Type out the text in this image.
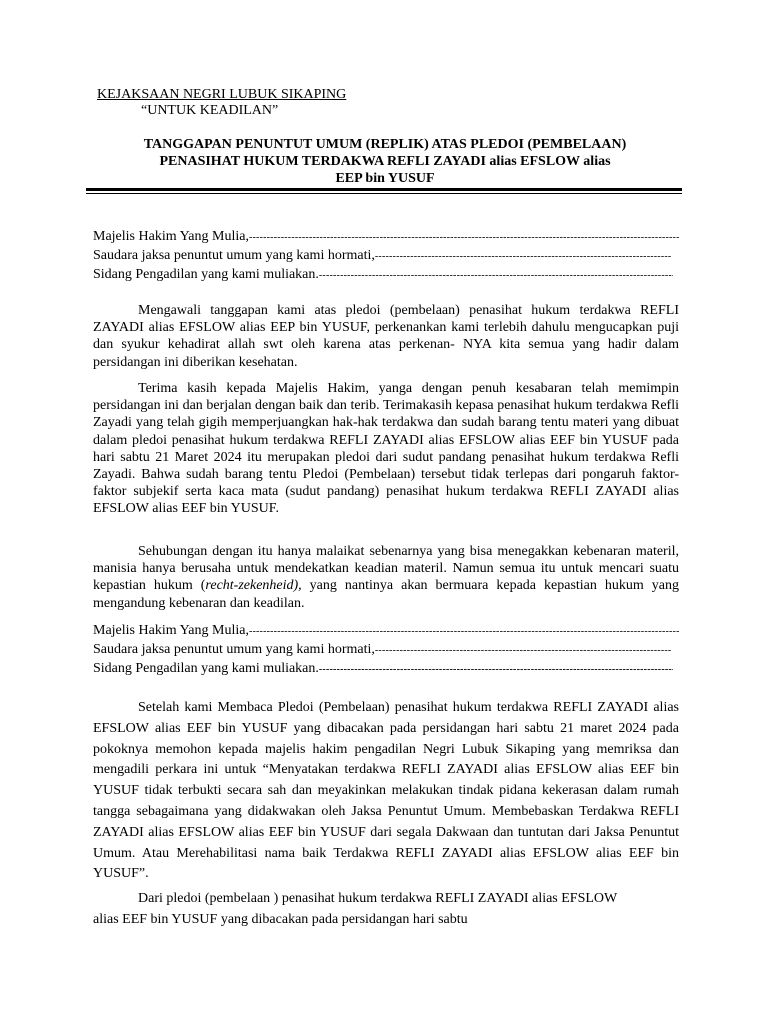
KEJAKSAAN NEGRI LUBUK SIKAPING
“UNTUK KEADILAN”
TANGGAPAN PENUNTUT UMUM (REPLIK) ATAS PLEDOI (PEMBELAAN)
PENASIHAT HUKUM TERDAKWA REFLI ZAYADI alias EFSLOW alias
EEP bin YUSUF
Majelis Hakim Yang Mulia,
-----
Saudara jaksa penuntut umum yang kami hormati,
-----
Sidang Pengadilan yang kami muliakan.
-----

Mengawali tanggapan kami atas pledoi (pembelaan) penasihat hukum terdakwa REFLI ZAYADI alias EFSLOW alias EEP bin YUSUF, perkenankan kami terlebih dahulu mengucapkan puji dan syukur kehadirat allah swt oleh karena atas perkenan- NYA kita semua yang hadir dalam persidangan ini diberikan kesehatan.

Terima kasih kepada Majelis Hakim, yanga dengan penuh kesabaran telah memimpin persidangan ini dan berjalan dengan baik dan terib. Terimakasih kepasa penasihat hukum terdakwa Refli Zayadi yang telah gigih memperjuangkan hak-hak terdakwa dan sudah barang tentu materi yang dibuat dalam pledoi penasihat hukum terdakwa REFLI ZAYADI alias EFSLOW alias EEF bin YUSUF pada hari sabtu 21 Maret 2024 itu merupakan pledoi dari sudut pandang penasihat hukum terdakwa Refli Zayadi. Bahwa sudah barang tentu Pledoi (Pembelaan) tersebut tidak terlepas dari pongaruh faktor- faktor subjekif serta kaca mata (sudut pandang) penasihat hukum terdakwa REFLI ZAYADI alias EFSLOW alias EEF bin YUSUF.

Sehubungan dengan itu hanya malaikat sebenarnya yang bisa menegakkan kebenaran materil, manisia hanya berusaha untuk mendekatkan keadian materil. Namun semua itu untuk mencari suatu kepastian hukum (recht-zekenheid), yang nantinya akan bermuara kepada kepastian hukum yang mengandung kebenaran dan keadilan.

Majelis Hakim Yang Mulia,
-----
Saudara jaksa penuntut umum yang kami hormati,
-----
Sidang Pengadilan yang kami muliakan.
-----

Setelah kami Membaca Pledoi (Pembelaan) penasihat hukum terdakwa REFLI ZAYADI alias EFSLOW alias EEF bin YUSUF yang dibacakan pada persidangan hari sabtu 21 maret 2024 pada pokoknya memohon kepada majelis hakim pengadilan Negri Lubuk Sikaping yang memriksa dan mengadili perkara ini untuk “Menyatakan terdakwa REFLI ZAYADI alias EFSLOW alias EEF bin YUSUF tidak terbukti secara sah dan meyakinkan melakukan tindak pidana kekerasan dalam rumah tangga sebagaimana yang didakwakan oleh Jaksa Penuntut Umum. Membebaskan Terdakwa REFLI ZAYADI alias EFSLOW alias EEF bin YUSUF dari segala Dakwaan dan tuntutan dari Jaksa Penuntut Umum. Atau Merehabilitasi nama baik Terdakwa REFLI ZAYADI alias EFSLOW alias EEF bin YUSUF”.

Dari pledoi (pembelaan ) penasihat hukum terdakwa REFLI ZAYADI alias EFSLOW
alias EEF bin YUSUF yang dibacakan pada persidangan hari sabtu
